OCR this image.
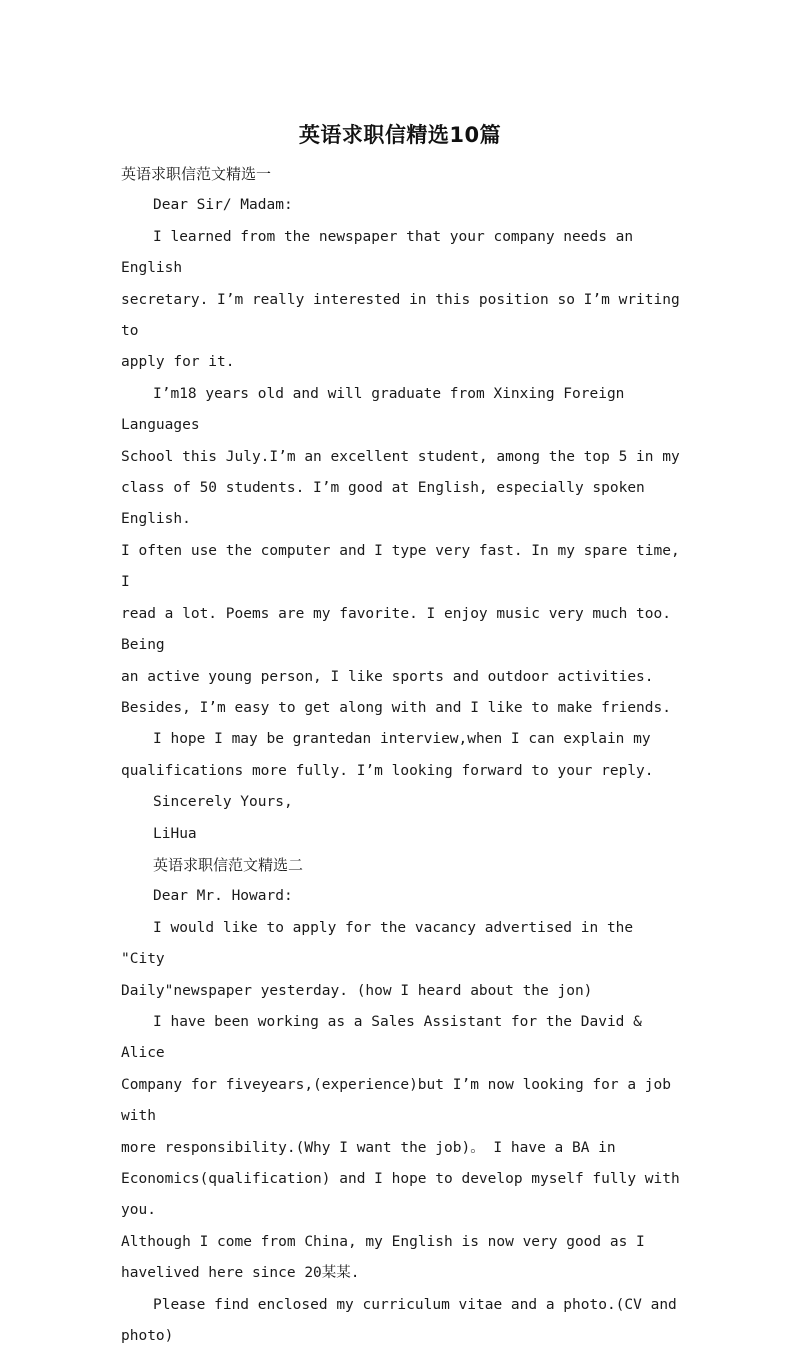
英语求职信精选10篇

英语求职信范文精选一

Dear Sir/ Madam:

I learned from the newspaper that your company needs an English
secretary. I’m really interested in this position so I’m writing to
apply for it.

I’m18 years old and will graduate from Xinxing Foreign Languages
School this July.I’m an excellent student, among the top 5 in my
class of 50 students. I’m good at English, especially spoken English.
I often use the computer and I type very fast. In my spare time, I
read a lot. Poems are my favorite. I enjoy music very much too. Being
an active young person, I like sports and outdoor activities.
Besides, I’m easy to get along with and I like to make friends.

I hope I may be grantedan interview,when I can explain my
qualifications more fully. I’m looking forward to your reply.

Sincerely Yours,

LiHua

英语求职信范文精选二

Dear Mr. Howard:

I would like to apply for the vacancy advertised in the "City
Daily"newspaper yesterday. (how I heard about the jon)

I have been working as a Sales Assistant for the David & Alice
Company for fiveyears,(experience)but I’m now looking for a job with
more responsibility.(Why I want the job)。 I have a BA in
Economics(qualification) and I hope to develop myself fully with you.
Although I come from China, my English is now very good as I
havelived here since 20某某.

Please find enclosed my curriculum vitae and a photo.(CV and
photo)
